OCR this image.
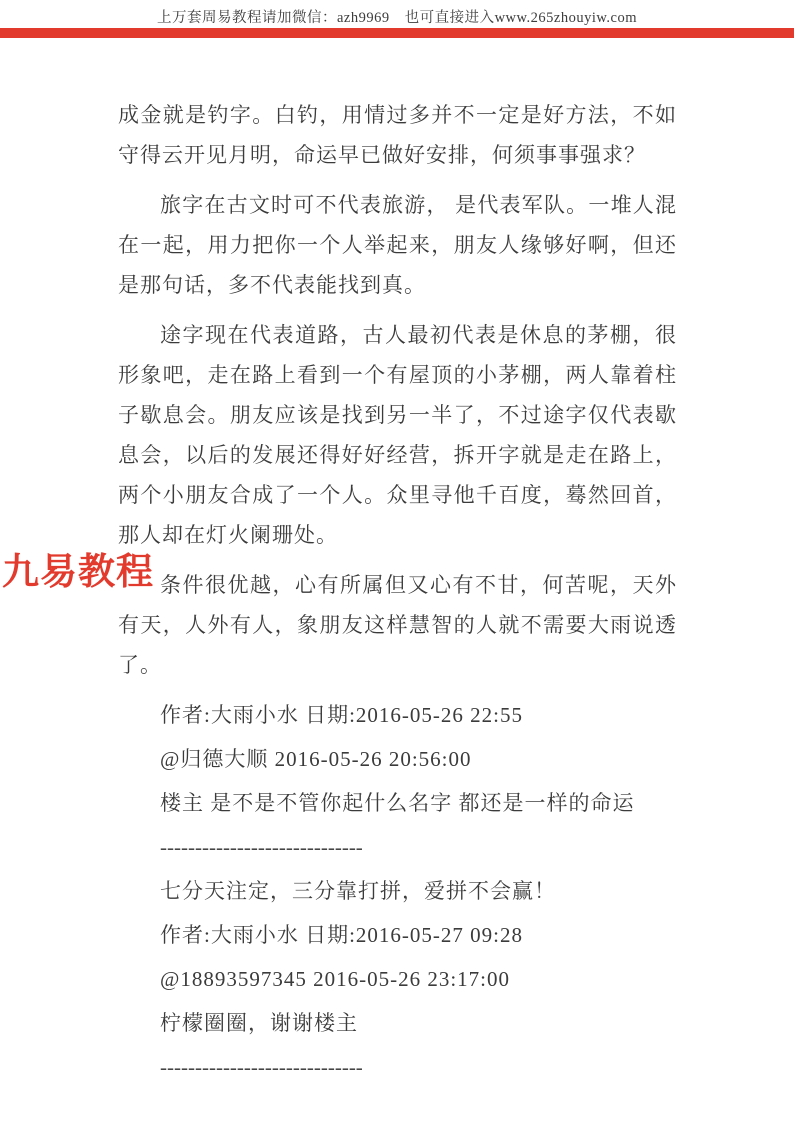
上万套周易教程请加微信：azh9969　也可直接进入www.265zhouyiw.com
九易教程

成金就是钓字。白钓，用情过多并不一定是好方法，不如守得云开见月明，命运早已做好安排，何须事事强求？

旅字在古文时可不代表旅游， 是代表军队。一堆人混在一起，用力把你一个人举起来，朋友人缘够好啊，但还是那句话，多不代表能找到真。

途字现在代表道路，古人最初代表是休息的茅棚，很形象吧，走在路上看到一个有屋顶的小茅棚，两人靠着柱子歇息会。朋友应该是找到另一半了，不过途字仅代表歇息会，以后的发展还得好好经营，拆开字就是走在路上，两个小朋友合成了一个人。众里寻他千百度，蓦然回首，那人却在灯火阑珊处。

条件很优越，心有所属但又心有不甘，何苦呢，天外有天，人外有人，象朋友这样慧智的人就不需要大雨说透了。

作者:大雨小水 日期:2016-05-26 22:55

@归德大顺 2016-05-26 20:56:00

楼主 是不是不管你起什么名字 都还是一样的命运

-----------------------------

七分天注定，三分靠打拼，爱拼不会赢！

作者:大雨小水 日期:2016-05-27 09:28

@18893597345 2016-05-26 23:17:00

柠檬圈圈，谢谢楼主

-----------------------------
